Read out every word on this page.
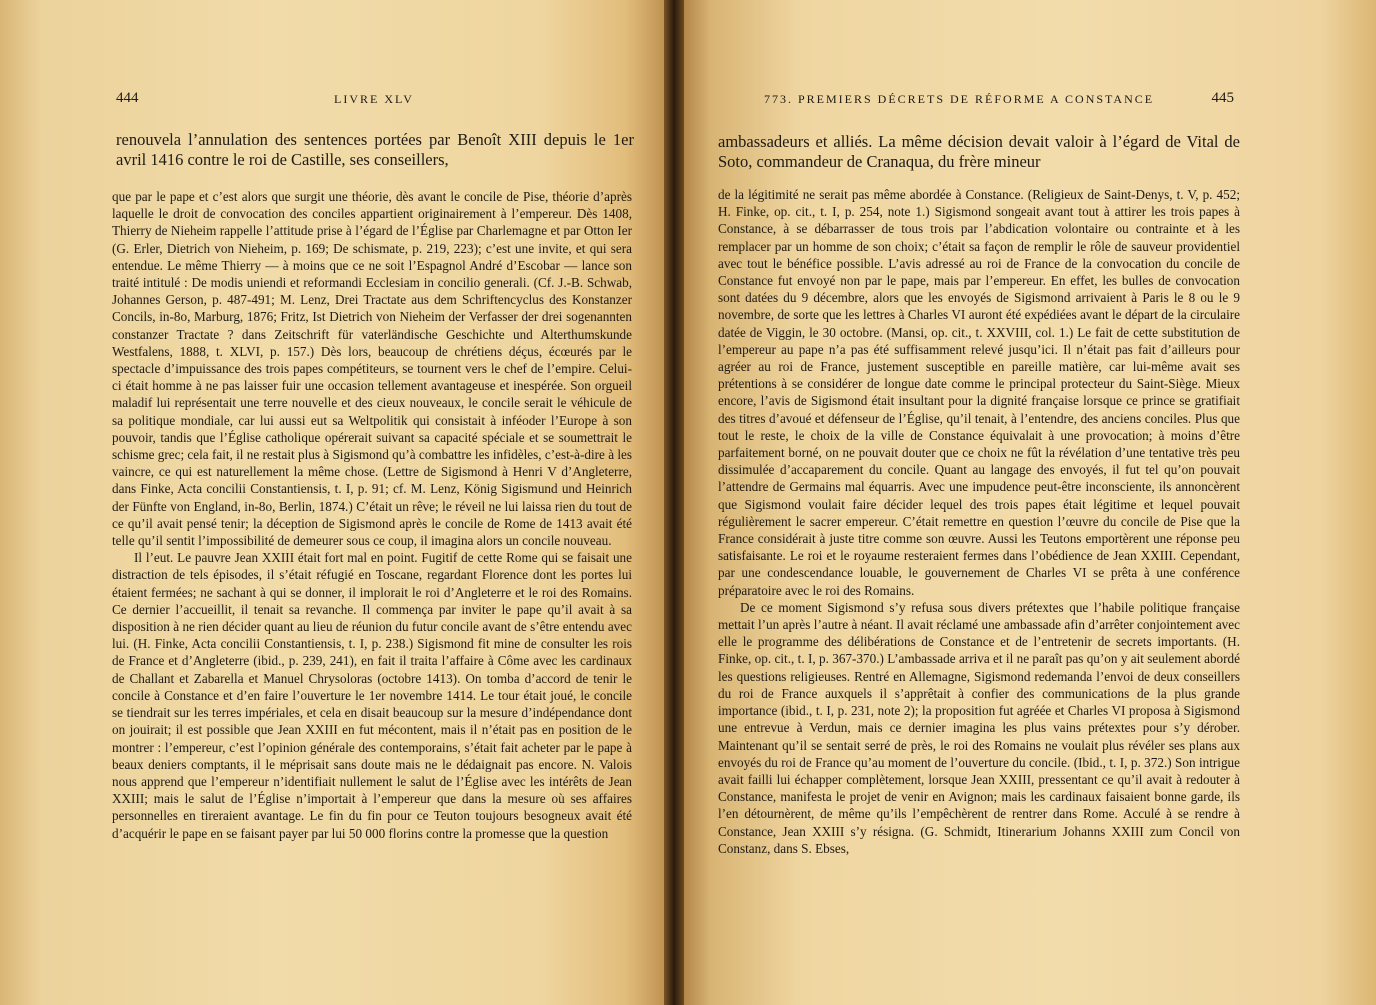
444	LIVRE XLV

renouvela l’annulation des sentences portées par Benoît XIII depuis le 1er avril 1416 contre le roi de Castille, ses conseillers,

que par le pape et c’est alors que surgit une théorie, dès avant le concile de Pise, théorie d’après laquelle le droit de convocation des conciles appartient originairement à l’empereur. Dès 1408, Thierry de Nieheim rappelle l’attitude prise à l’égard de l’Église par Charlemagne et par Otton Ier (G. Erler, Dietrich von Nieheim, p. 169; De schismate, p. 219, 223); c’est une invite, et qui sera entendue. Le même Thierry — à moins que ce ne soit l’Espagnol André d’Escobar — lance son traité intitulé : De modis uniendi et reformandi Ecclesiam in concilio generali. (Cf. J.-B. Schwab, Johannes Gerson, p. 487-491; M. Lenz, Drei Tractate aus dem Schriftencyclus des Konstanzer Concils, in-8o, Marburg, 1876; Fritz, Ist Dietrich von Nieheim der Verfasser der drei sogenannten constanzer Tractate ? dans Zeitschrift für vaterländische Geschichte und Alterthumskunde Westfalens, 1888, t. XLVI, p. 157.) Dès lors, beaucoup de chrétiens déçus, écœurés par le spectacle d’impuissance des trois papes compétiteurs, se tournent vers le chef de l’empire. Celui-ci était homme à ne pas laisser fuir une occasion tellement avantageuse et inespérée. Son orgueil maladif lui représentait une terre nouvelle et des cieux nouveaux, le concile serait le véhicule de sa politique mondiale, car lui aussi eut sa Weltpolitik qui consistait à inféoder l’Europe à son pouvoir, tandis que l’Église catholique opérerait suivant sa capacité spéciale et se soumettrait le schisme grec; cela fait, il ne restait plus à Sigismond qu’à combattre les infidèles, c’est-à-dire à les vaincre, ce qui est naturellement la même chose. (Lettre de Sigismond à Henri V d’Angleterre, dans Finke, Acta concilii Constantiensis, t. I, p. 91; cf. M. Lenz, König Sigismund und Heinrich der Fünfte von England, in-8o, Berlin, 1874.) C’était un rêve; le réveil ne lui laissa rien du tout de ce qu’il avait pensé tenir; la déception de Sigismond après le concile de Rome de 1413 avait été telle qu’il sentit l’impossibilité de demeurer sous ce coup, il imagina alors un concile nouveau.

Il l’eut. Le pauvre Jean XXIII était fort mal en point. Fugitif de cette Rome qui se faisait une distraction de tels épisodes, il s’était réfugié en Toscane, regardant Florence dont les portes lui étaient fermées; ne sachant à qui se donner, il implorait le roi d’Angleterre et le roi des Romains. Ce dernier l’accueillit, il tenait sa revanche. Il commença par inviter le pape qu’il avait à sa disposition à ne rien décider quant au lieu de réunion du futur concile avant de s’être entendu avec lui. (H. Finke, Acta concilii Constantiensis, t. I, p. 238.) Sigismond fit mine de consulter les rois de France et d’Angleterre (ibid., p. 239, 241), en fait il traita l’affaire à Côme avec les cardinaux de Challant et Zabarella et Manuel Chrysoloras (octobre 1413). On tomba d’accord de tenir le concile à Constance et d’en faire l’ouverture le 1er novembre 1414. Le tour était joué, le concile se tiendrait sur les terres impériales, et cela en disait beaucoup sur la mesure d’indépendance dont on jouirait; il est possible que Jean XXIII en fut mécontent, mais il n’était pas en position de le montrer : l’empereur, c’est l’opinion générale des contemporains, s’était fait acheter par le pape à beaux deniers comptants, il le méprisait sans doute mais ne le dédaignait pas encore. N. Valois nous apprend que l’empereur n’identifiait nullement le salut de l’Église avec les intérêts de Jean XXIII; mais le salut de l’Église n’importait à l’empereur que dans la mesure où ses affaires personnelles en tireraient avantage. Le fin du fin pour ce Teuton toujours besogneux avait été d’acquérir le pape en se faisant payer par lui 50 000 florins contre la promesse que la question

773. PREMIERS DÉCRETS DE RÉFORME A CONSTANCE	445

ambassadeurs et alliés. La même décision devait valoir à l’égard de Vital de Soto, commandeur de Cranaqua, du frère mineur

de la légitimité ne serait pas même abordée à Constance. (Religieux de Saint-Denys, t. V, p. 452; H. Finke, op. cit., t. I, p. 254, note 1.) Sigismond songeait avant tout à attirer les trois papes à Constance, à se débarrasser de tous trois par l’abdication volontaire ou contrainte et à les remplacer par un homme de son choix; c’était sa façon de remplir le rôle de sauveur providentiel avec tout le bénéfice possible. L’avis adressé au roi de France de la convocation du concile de Constance fut envoyé non par le pape, mais par l’empereur. En effet, les bulles de convocation sont datées du 9 décembre, alors que les envoyés de Sigismond arrivaient à Paris le 8 ou le 9 novembre, de sorte que les lettres à Charles VI auront été expédiées avant le départ de la circulaire datée de Viggin, le 30 octobre. (Mansi, op. cit., t. XXVIII, col. 1.) Le fait de cette substitution de l’empereur au pape n’a pas été suffisamment relevé jusqu’ici. Il n’était pas fait d’ailleurs pour agréer au roi de France, justement susceptible en pareille matière, car lui-même avait ses prétentions à se considérer de longue date comme le principal protecteur du Saint-Siège. Mieux encore, l’avis de Sigismond était insultant pour la dignité française lorsque ce prince se gratifiait des titres d’avoué et défenseur de l’Église, qu’il tenait, à l’entendre, des anciens conciles. Plus que tout le reste, le choix de la ville de Constance équivalait à une provocation; à moins d’être parfaitement borné, on ne pouvait douter que ce choix ne fût la révélation d’une tentative très peu dissimulée d’accaparement du concile. Quant au langage des envoyés, il fut tel qu’on pouvait l’attendre de Germains mal équarris. Avec une impudence peut-être inconsciente, ils annoncèrent que Sigismond voulait faire décider lequel des trois papes était légitime et lequel pouvait régulièrement le sacrer empereur. C’était remettre en question l’œuvre du concile de Pise que la France considérait à juste titre comme son œuvre. Aussi les Teutons emportèrent une réponse peu satisfaisante. Le roi et le royaume resteraient fermes dans l’obédience de Jean XXIII. Cependant, par une condescendance louable, le gouvernement de Charles VI se prêta à une conférence préparatoire avec le roi des Romains.

De ce moment Sigismond s’y refusa sous divers prétextes que l’habile politique française mettait l’un après l’autre à néant. Il avait réclamé une ambassade afin d’arrêter conjointement avec elle le programme des délibérations de Constance et de l’entretenir de secrets importants. (H. Finke, op. cit., t. I, p. 367-370.) L’ambassade arriva et il ne paraît pas qu’on y ait seulement abordé les questions religieuses. Rentré en Allemagne, Sigismond redemanda l’envoi de deux conseillers du roi de France auxquels il s’apprêtait à confier des communications de la plus grande importance (ibid., t. I, p. 231, note 2); la proposition fut agréée et Charles VI proposa à Sigismond une entrevue à Verdun, mais ce dernier imagina les plus vains prétextes pour s’y dérober. Maintenant qu’il se sentait serré de près, le roi des Romains ne voulait plus révéler ses plans aux envoyés du roi de France qu’au moment de l’ouverture du concile. (Ibid., t. I, p. 372.) Son intrigue avait failli lui échapper complètement, lorsque Jean XXIII, pressentant ce qu’il avait à redouter à Constance, manifesta le projet de venir en Avignon; mais les cardinaux faisaient bonne garde, ils l’en détournèrent, de même qu’ils l’empêchèrent de rentrer dans Rome. Acculé à se rendre à Constance, Jean XXIII s’y résigna. (G. Schmidt, Itinerarium Johanns XXIII zum Concil von Constanz, dans S. Ebses,
